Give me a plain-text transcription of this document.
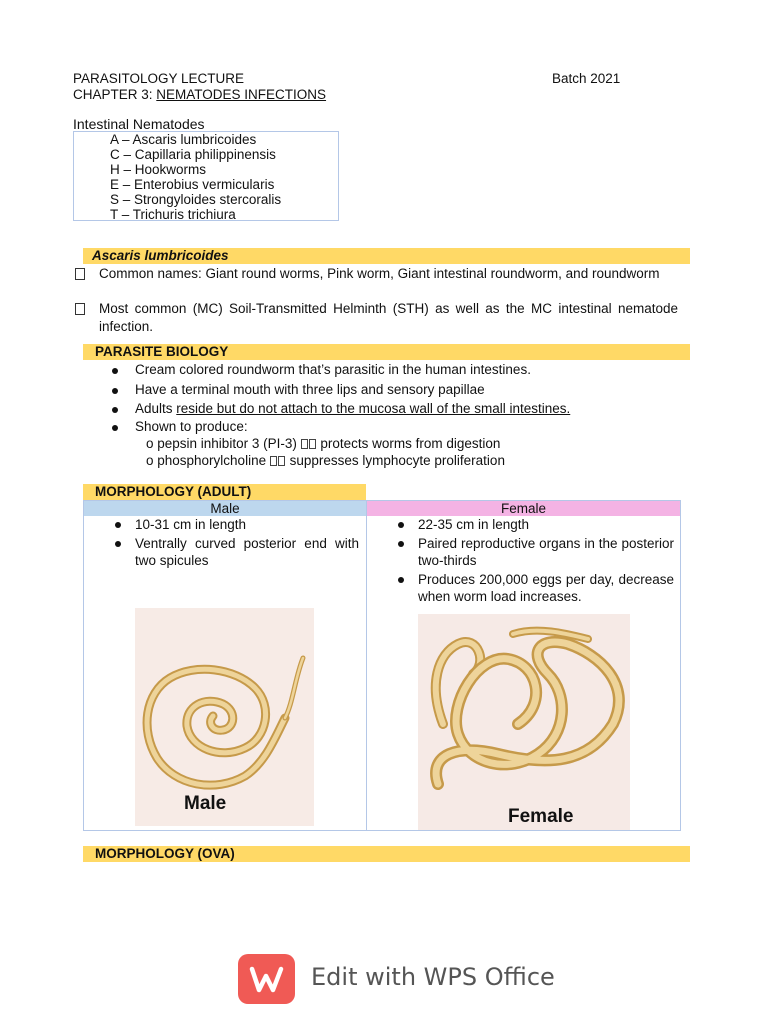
PARASITOLOGY LECTURE	Batch 2021
CHAPTER 3: NEMATODES INFECTIONS
Intestinal Nematodes
A – Ascaris lumbricoides
C – Capillaria philippinensis
H – Hookworms
E – Enterobius vermicularis
S – Strongyloides stercoralis
T – Trichuris trichiura
Ascaris lumbricoides
Common names: Giant round worms, Pink worm, Giant intestinal roundworm, and roundworm
Most common (MC) Soil-Transmitted Helminth (STH) as well as the MC intestinal nematode infection.
PARASITE BIOLOGY
Cream colored roundworm that’s parasitic in the human intestines.
Have a terminal mouth with three lips and sensory papillae
Adults reside but do not attach to the mucosa wall of the small intestines.
Shown to produce:
o pepsin inhibitor 3 (PI-3)  protects worms from digestion
o phosphorylcholine  suppresses lymphocyte proliferation
MORPHOLOGY (ADULT)
Male	Female
10-31 cm in length
Ventrally curved posterior end with two spicules
22-35 cm in length
Paired reproductive organs in the posterior two-thirds
Produces 200,000 eggs per day, decrease when worm load increases.
Male
Female
MORPHOLOGY (OVA)
Edit with WPS Office
